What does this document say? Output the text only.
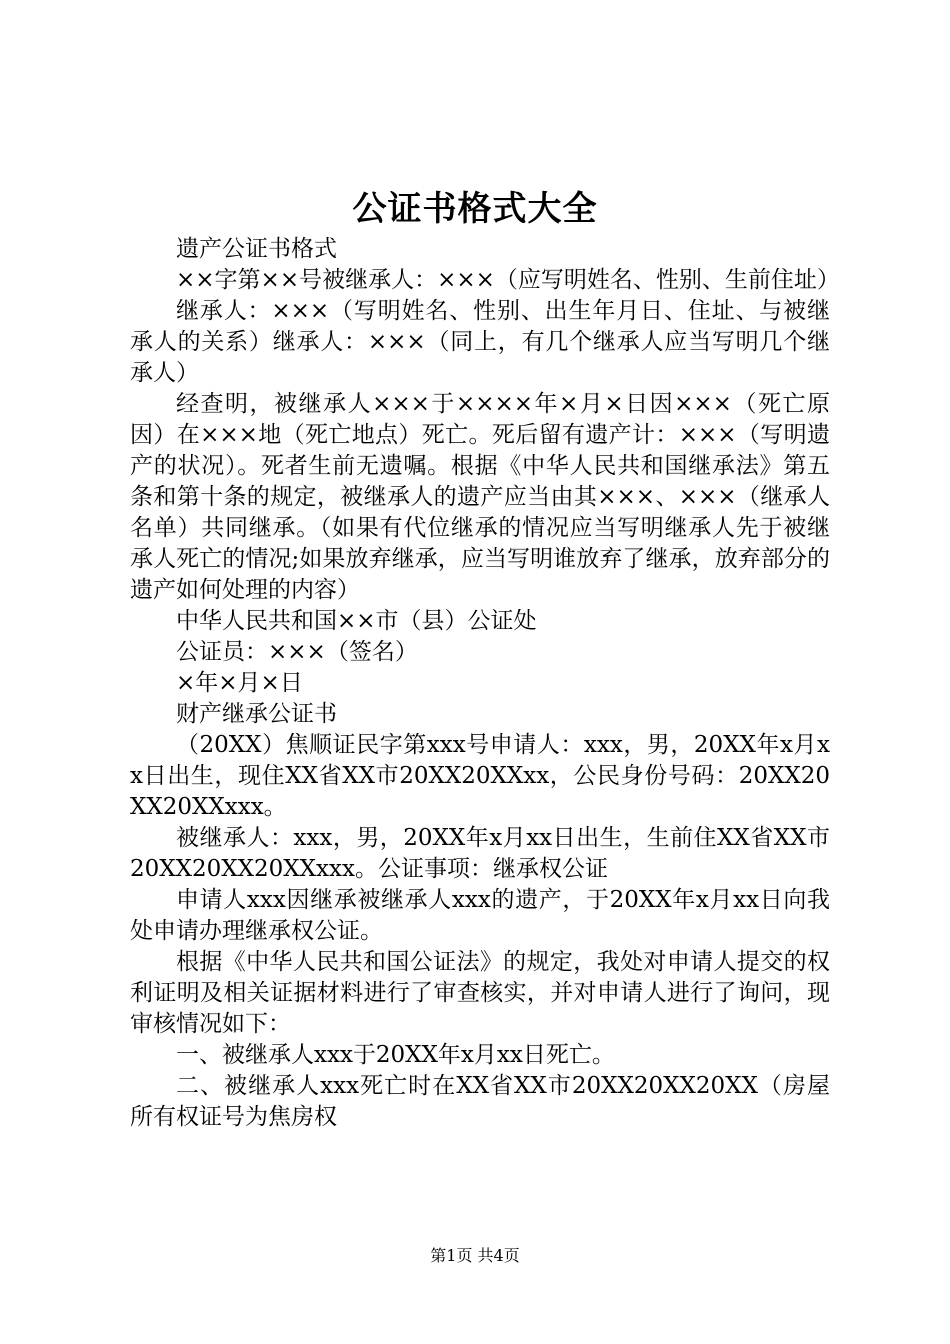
公证书格式大全

遗产公证书格式

××字第××号被继承人：×××（应写明姓名、性别、生前住址）

继承人：×××（写明姓名、性别、出生年月日、住址、与被继承人的关系）继承人：×××（同上，有几个继承人应当写明几个继承人）

经查明，被继承人×××于××××年×月×日因×××（死亡原因）在×××地（死亡地点）死亡。死后留有遗产计：×××（写明遗产的状况）。死者生前无遗嘱。根据《中华人民共和国继承法》第五条和第十条的规定，被继承人的遗产应当由其×××、×××（继承人名单）共同继承。（如果有代位继承的情况应当写明继承人先于被继承人死亡的情况;如果放弃继承，应当写明谁放弃了继承，放弃部分的遗产如何处理的内容）

中华人民共和国××市（县）公证处

公证员：×××（签名）

×年×月×日

财产继承公证书

（20XX）焦顺证民字第xxx号申请人：xxx，男，20XX年x月xx日出生，现住XX省XX市20XX20XXxx，公民身份号码：20XX20XX20XXxxx。

被继承人：xxx，男，20XX年x月xx日出生，生前住XX省XX市20XX20XX20XXxxx。公证事项：继承权公证

申请人xxx因继承被继承人xxx的遗产，于20XX年x月xx日向我处申请办理继承权公证。

根据《中华人民共和国公证法》的规定，我处对申请人提交的权利证明及相关证据材料进行了审查核实，并对申请人进行了询问，现审核情况如下：

一、被继承人xxx于20XX年x月xx日死亡。

二、被继承人xxx死亡时在XX省XX市20XX20XX20XX（房屋所有权证号为焦房权

第1页 共4页
